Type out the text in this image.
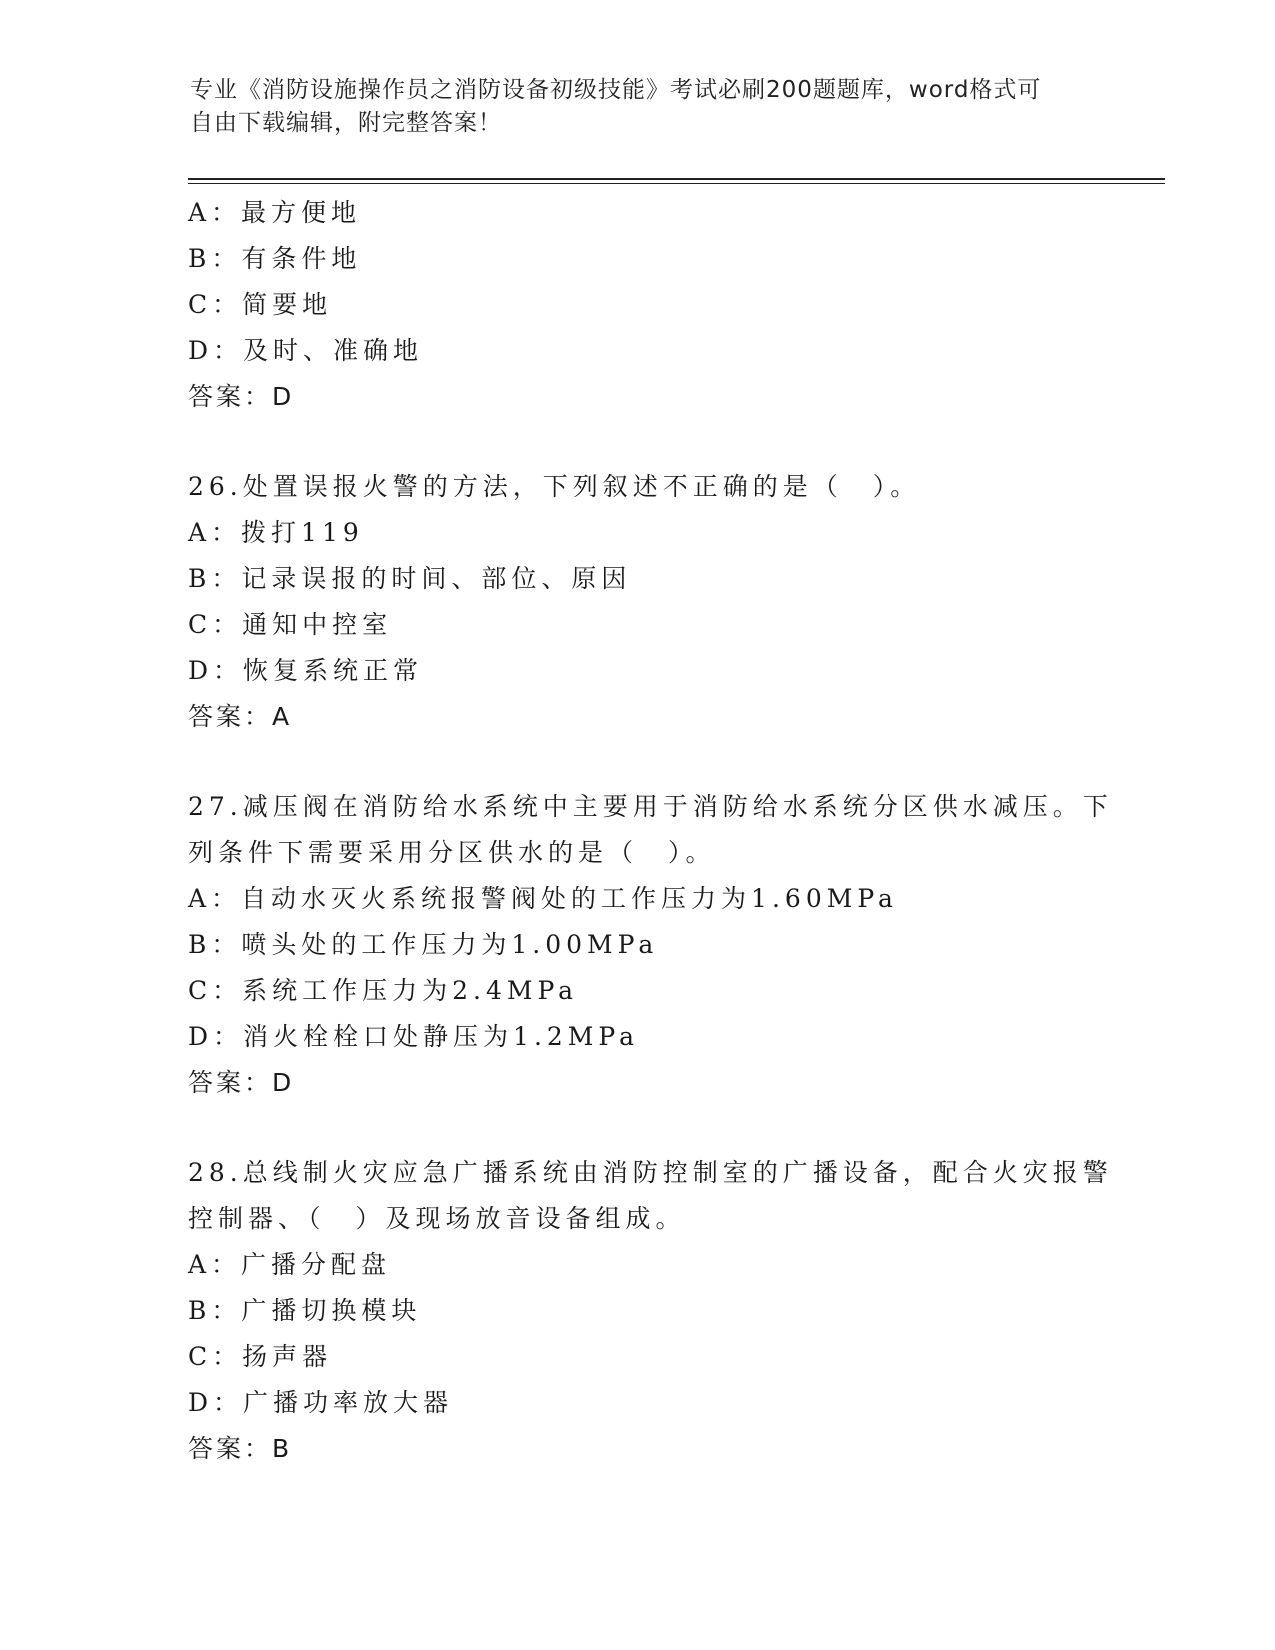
专业《消防设施操作员之消防设备初级技能》考试必刷200题题库，word格式可
自由下载编辑，附完整答案！
A：最方便地
B：有条件地
C：简要地
D：及时、准确地
答案：D
26.处置误报火警的方法，下列叙述不正确的是（　）。
A：拨打119
B：记录误报的时间、部位、原因
C：通知中控室
D：恢复系统正常
答案：A
27.减压阀在消防给水系统中主要用于消防给水系统分区供水减压。下
列条件下需要采用分区供水的是（　）。
A：自动水灭火系统报警阀处的工作压力为1.60MPa
B：喷头处的工作压力为1.00MPa
C：系统工作压力为2.4MPa
D：消火栓栓口处静压为1.2MPa
答案：D
28.总线制火灾应急广播系统由消防控制室的广播设备，配合火灾报警
控制器、（　）及现场放音设备组成。
A：广播分配盘
B：广播切换模块
C：扬声器
D：广播功率放大器
答案：B
